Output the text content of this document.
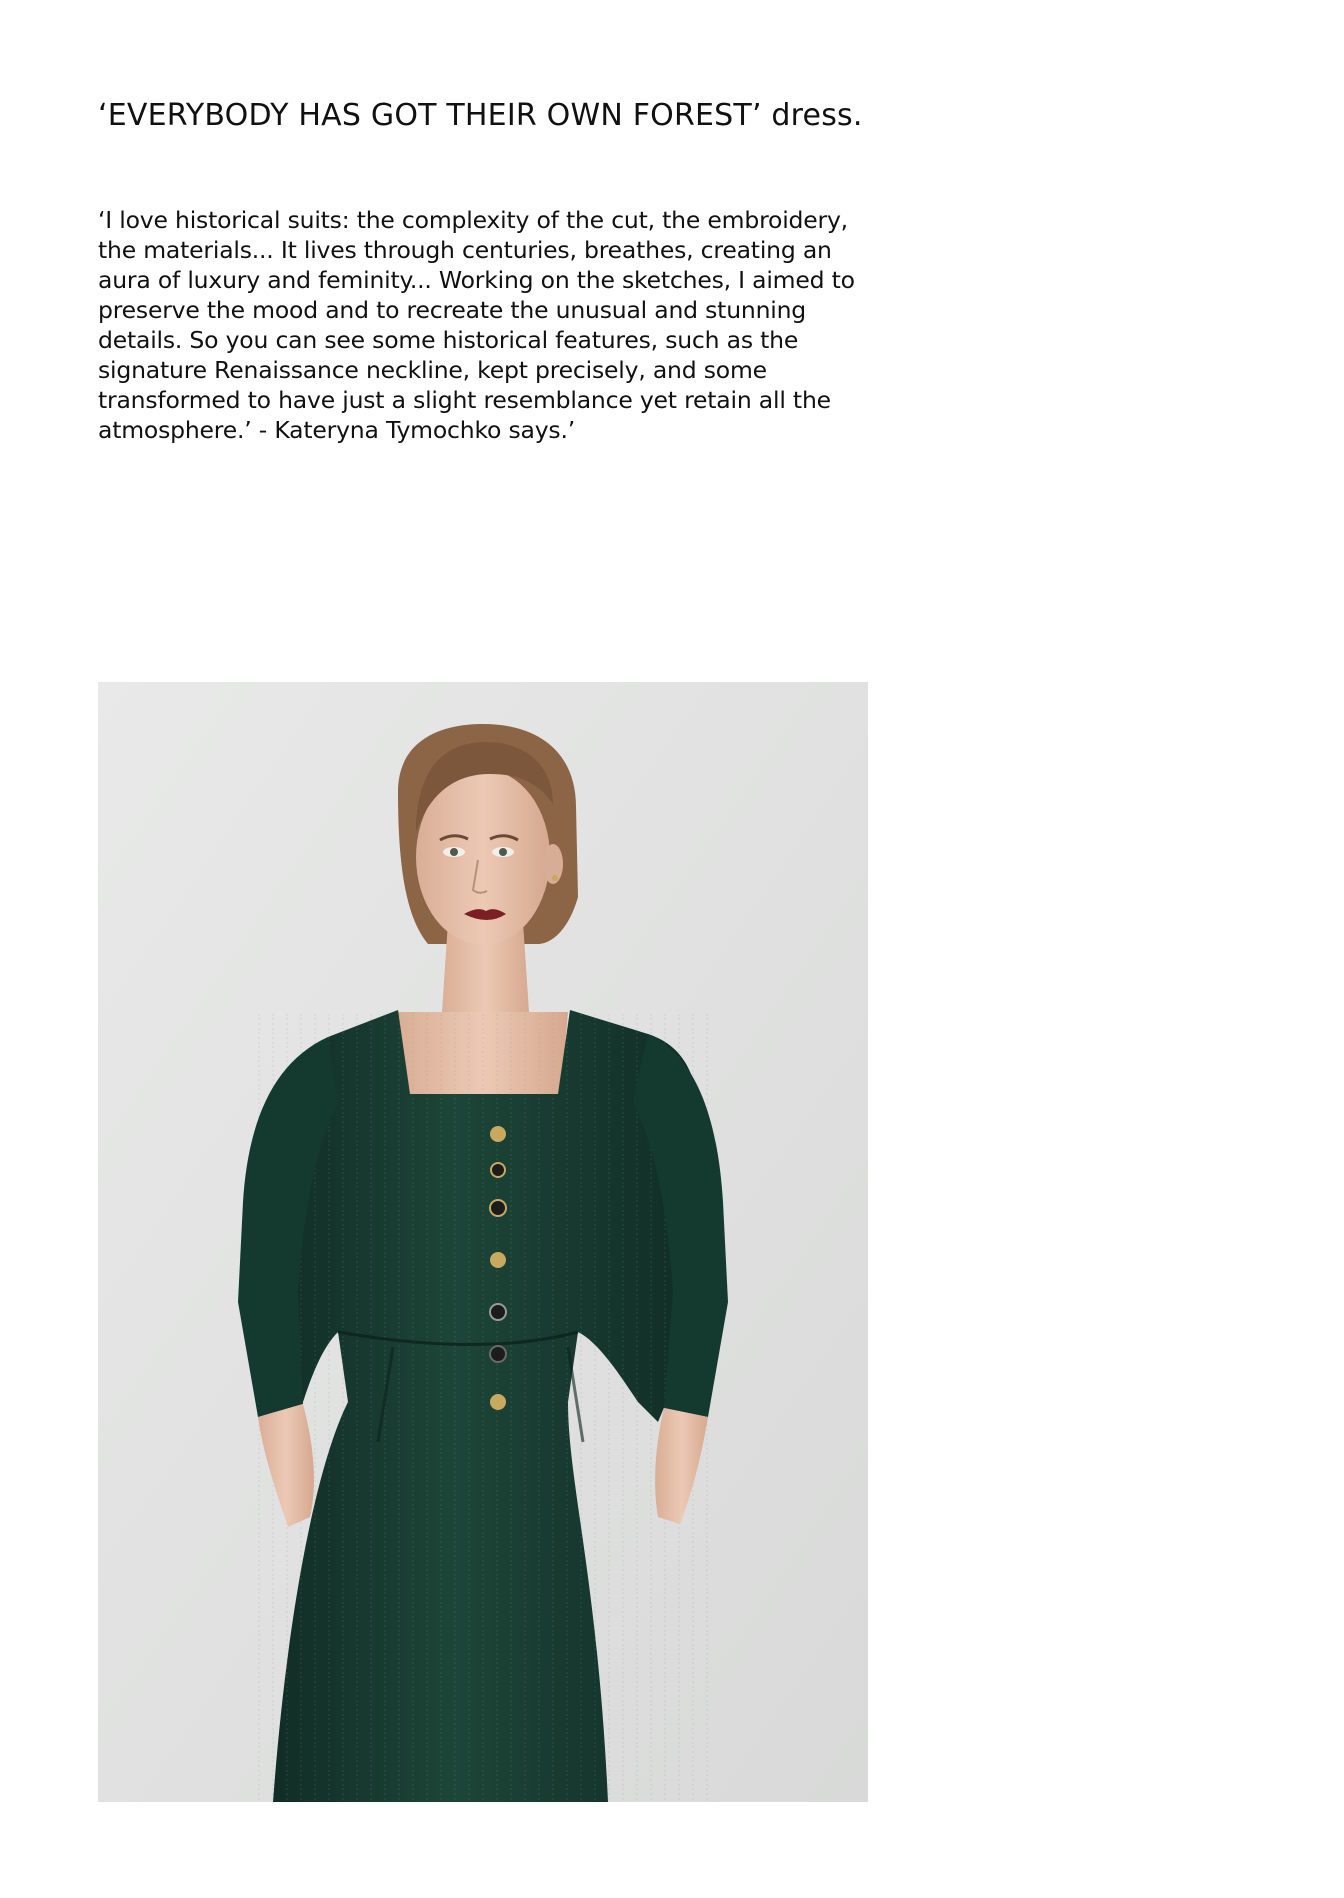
‘EVERYBODY HAS GOT THEIR OWN FOREST’ dress.

‘I love historical suits: the complexity of the cut, the embroidery, the materials... It lives through centuries, breathes, creating an aura of luxury and feminity... Working on the sketches, I aimed to preserve the mood and to recreate the unusual and stunning details. So you can see some historical features, such as the signature Renaissance neckline, kept precisely, and some transformed to have just a slight resemblance yet retain all the atmosphere.’ - Kateryna Tymochko says.’
